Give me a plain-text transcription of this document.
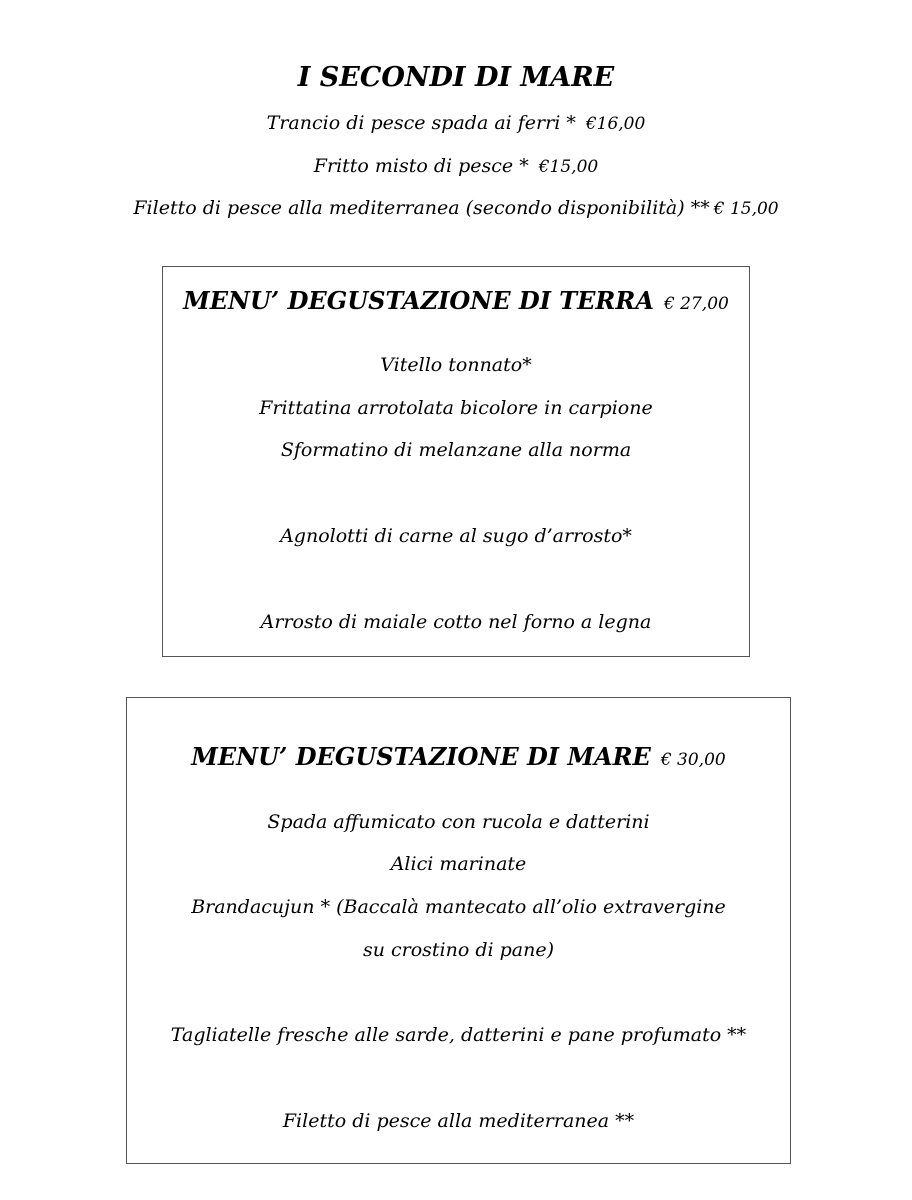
I SECONDI DI MARE
Trancio di pesce spada ai ferri * €16,00
Fritto misto di pesce * €15,00
Filetto di pesce alla mediterranea (secondo disponibilità) ** € 15,00
MENU’ DEGUSTAZIONE DI TERRA € 27,00
Vitello tonnato*
Frittatina arrotolata bicolore in carpione
Sformatino di melanzane alla norma
Agnolotti di carne al sugo d’arrosto*
Arrosto di maiale cotto nel forno a legna
MENU’ DEGUSTAZIONE DI MARE € 30,00
Spada affumicato con rucola e datterini
Alici marinate
Brandacujun * (Baccalà mantecato all’olio extravergine
su crostino di pane)
Tagliatelle fresche alle sarde, datterini e pane profumato **
Filetto di pesce alla mediterranea **
